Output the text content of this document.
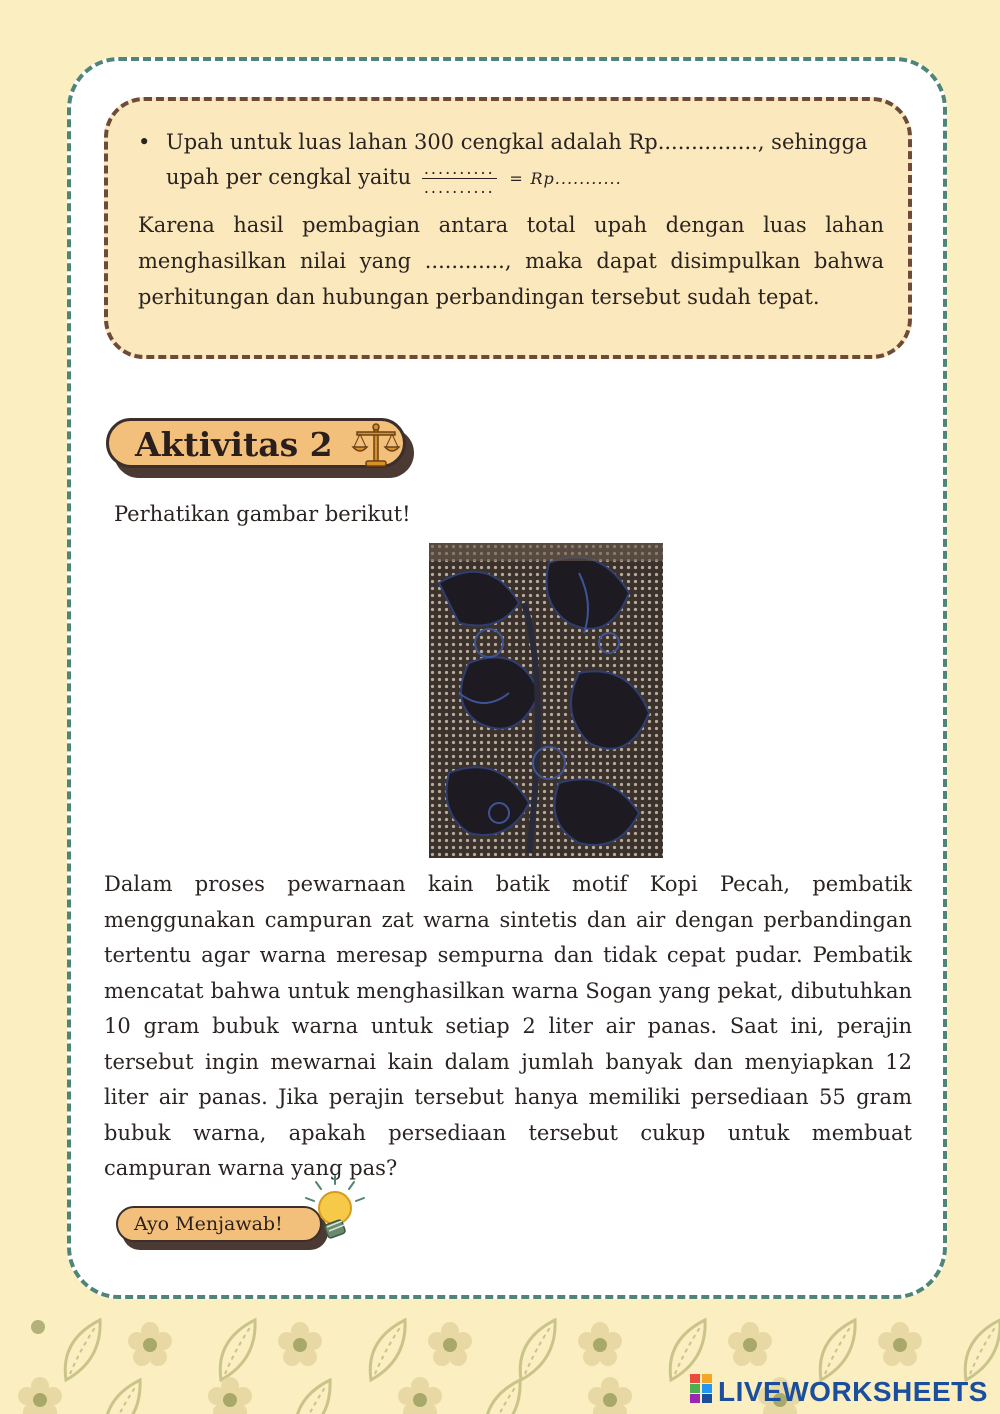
• Upah untuk luas lahan 300 cengkal adalah Rp..............., sehingga
upah per cengkal yaitu $\frac{..........}{..........} = Rp$...........
Karena hasil pembagian antara total upah dengan luas lahan menghasilkan nilai yang ............, maka dapat disimpulkan bahwa perhitungan dan hubungan perbandingan tersebut sudah tepat.
Aktivitas 2
Perhatikan gambar berikut!
Dalam proses pewarnaan kain batik motif Kopi Pecah, pembatik menggunakan campuran zat warna sintetis dan air dengan perbandingan tertentu agar warna meresap sempurna dan tidak cepat pudar. Pembatik mencatat bahwa untuk menghasilkan warna Sogan yang pekat, dibutuhkan 10 gram bubuk warna untuk setiap 2 liter air panas. Saat ini, perajin tersebut ingin mewarnai kain dalam jumlah banyak dan menyiapkan 12 liter air panas. Jika perajin tersebut hanya memiliki persediaan 55 gram bubuk warna, apakah persediaan tersebut cukup untuk membuat campuran warna yang pas?
Ayo Menjawab!
LIVEWORKSHEETS
